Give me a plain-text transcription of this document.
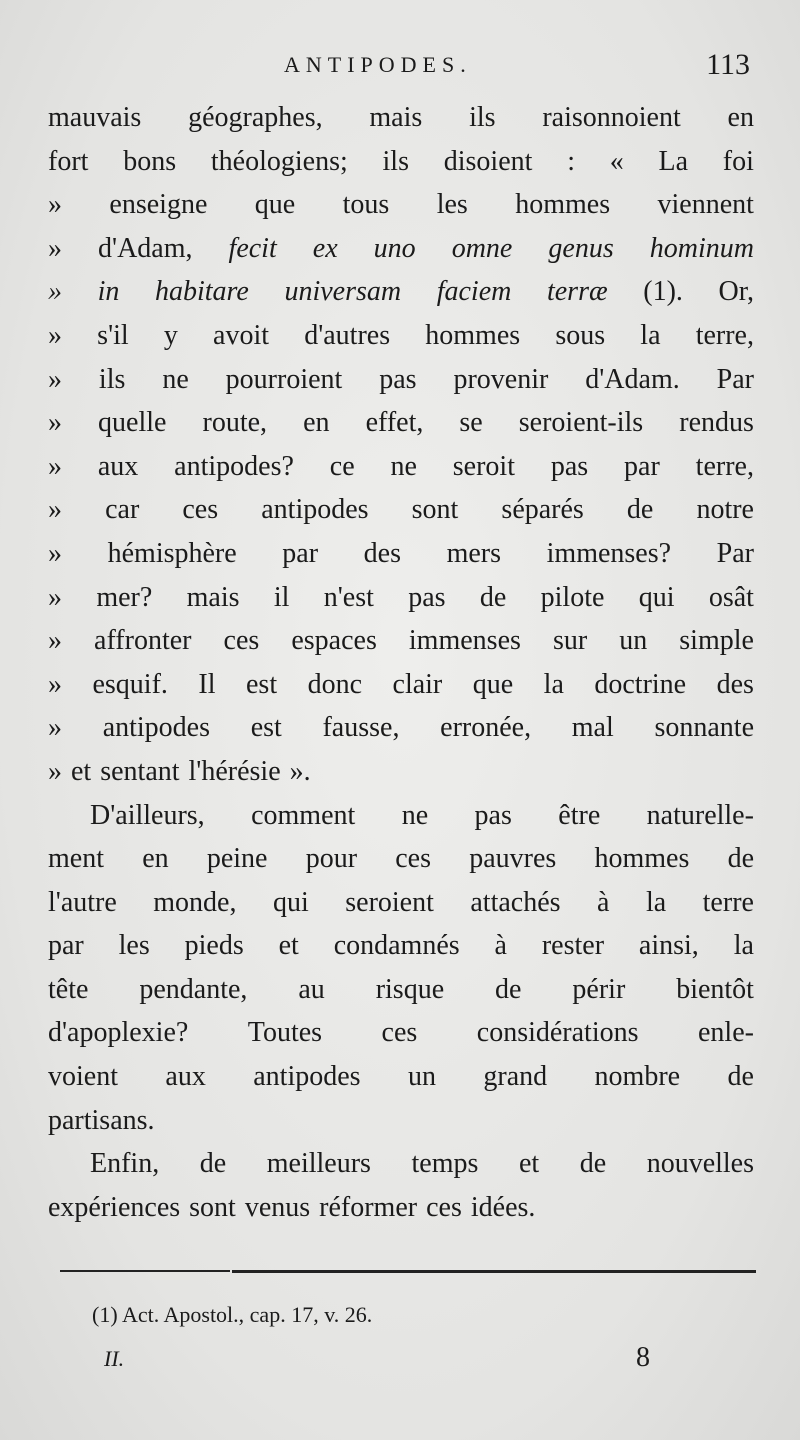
ANTIPODES.	113
mauvais géographes, mais ils raisonnoient en
fort bons théologiens; ils disoient : « La foi
» enseigne que tous les hommes viennent
» d'Adam, fecit ex uno omne genus hominum
» in habitare universam faciem terræ (1). Or,
» s'il y avoit d'autres hommes sous la terre,
» ils ne pourroient pas provenir d'Adam. Par
» quelle route, en effet, se seroient-ils rendus
» aux antipodes? ce ne seroit pas par terre,
» car ces antipodes sont séparés de notre
» hémisphère par des mers immenses? Par
» mer? mais il n'est pas de pilote qui osât
» affronter ces espaces immenses sur un simple
» esquif. Il est donc clair que la doctrine des
» antipodes est fausse, erronée, mal sonnante
» et sentant l'hérésie ».
D'ailleurs, comment ne pas être naturelle-
ment en peine pour ces pauvres hommes de
l'autre monde, qui seroient attachés à la terre
par les pieds et condamnés à rester ainsi, la
tête pendante, au risque de périr bientôt
d'apoplexie? Toutes ces considérations enle-
voient aux antipodes un grand nombre de
partisans.
Enfin, de meilleurs temps et de nouvelles
expériences sont venus réformer ces idées.
(1) Act. Apostol., cap. 17, v. 26.
II.	8
